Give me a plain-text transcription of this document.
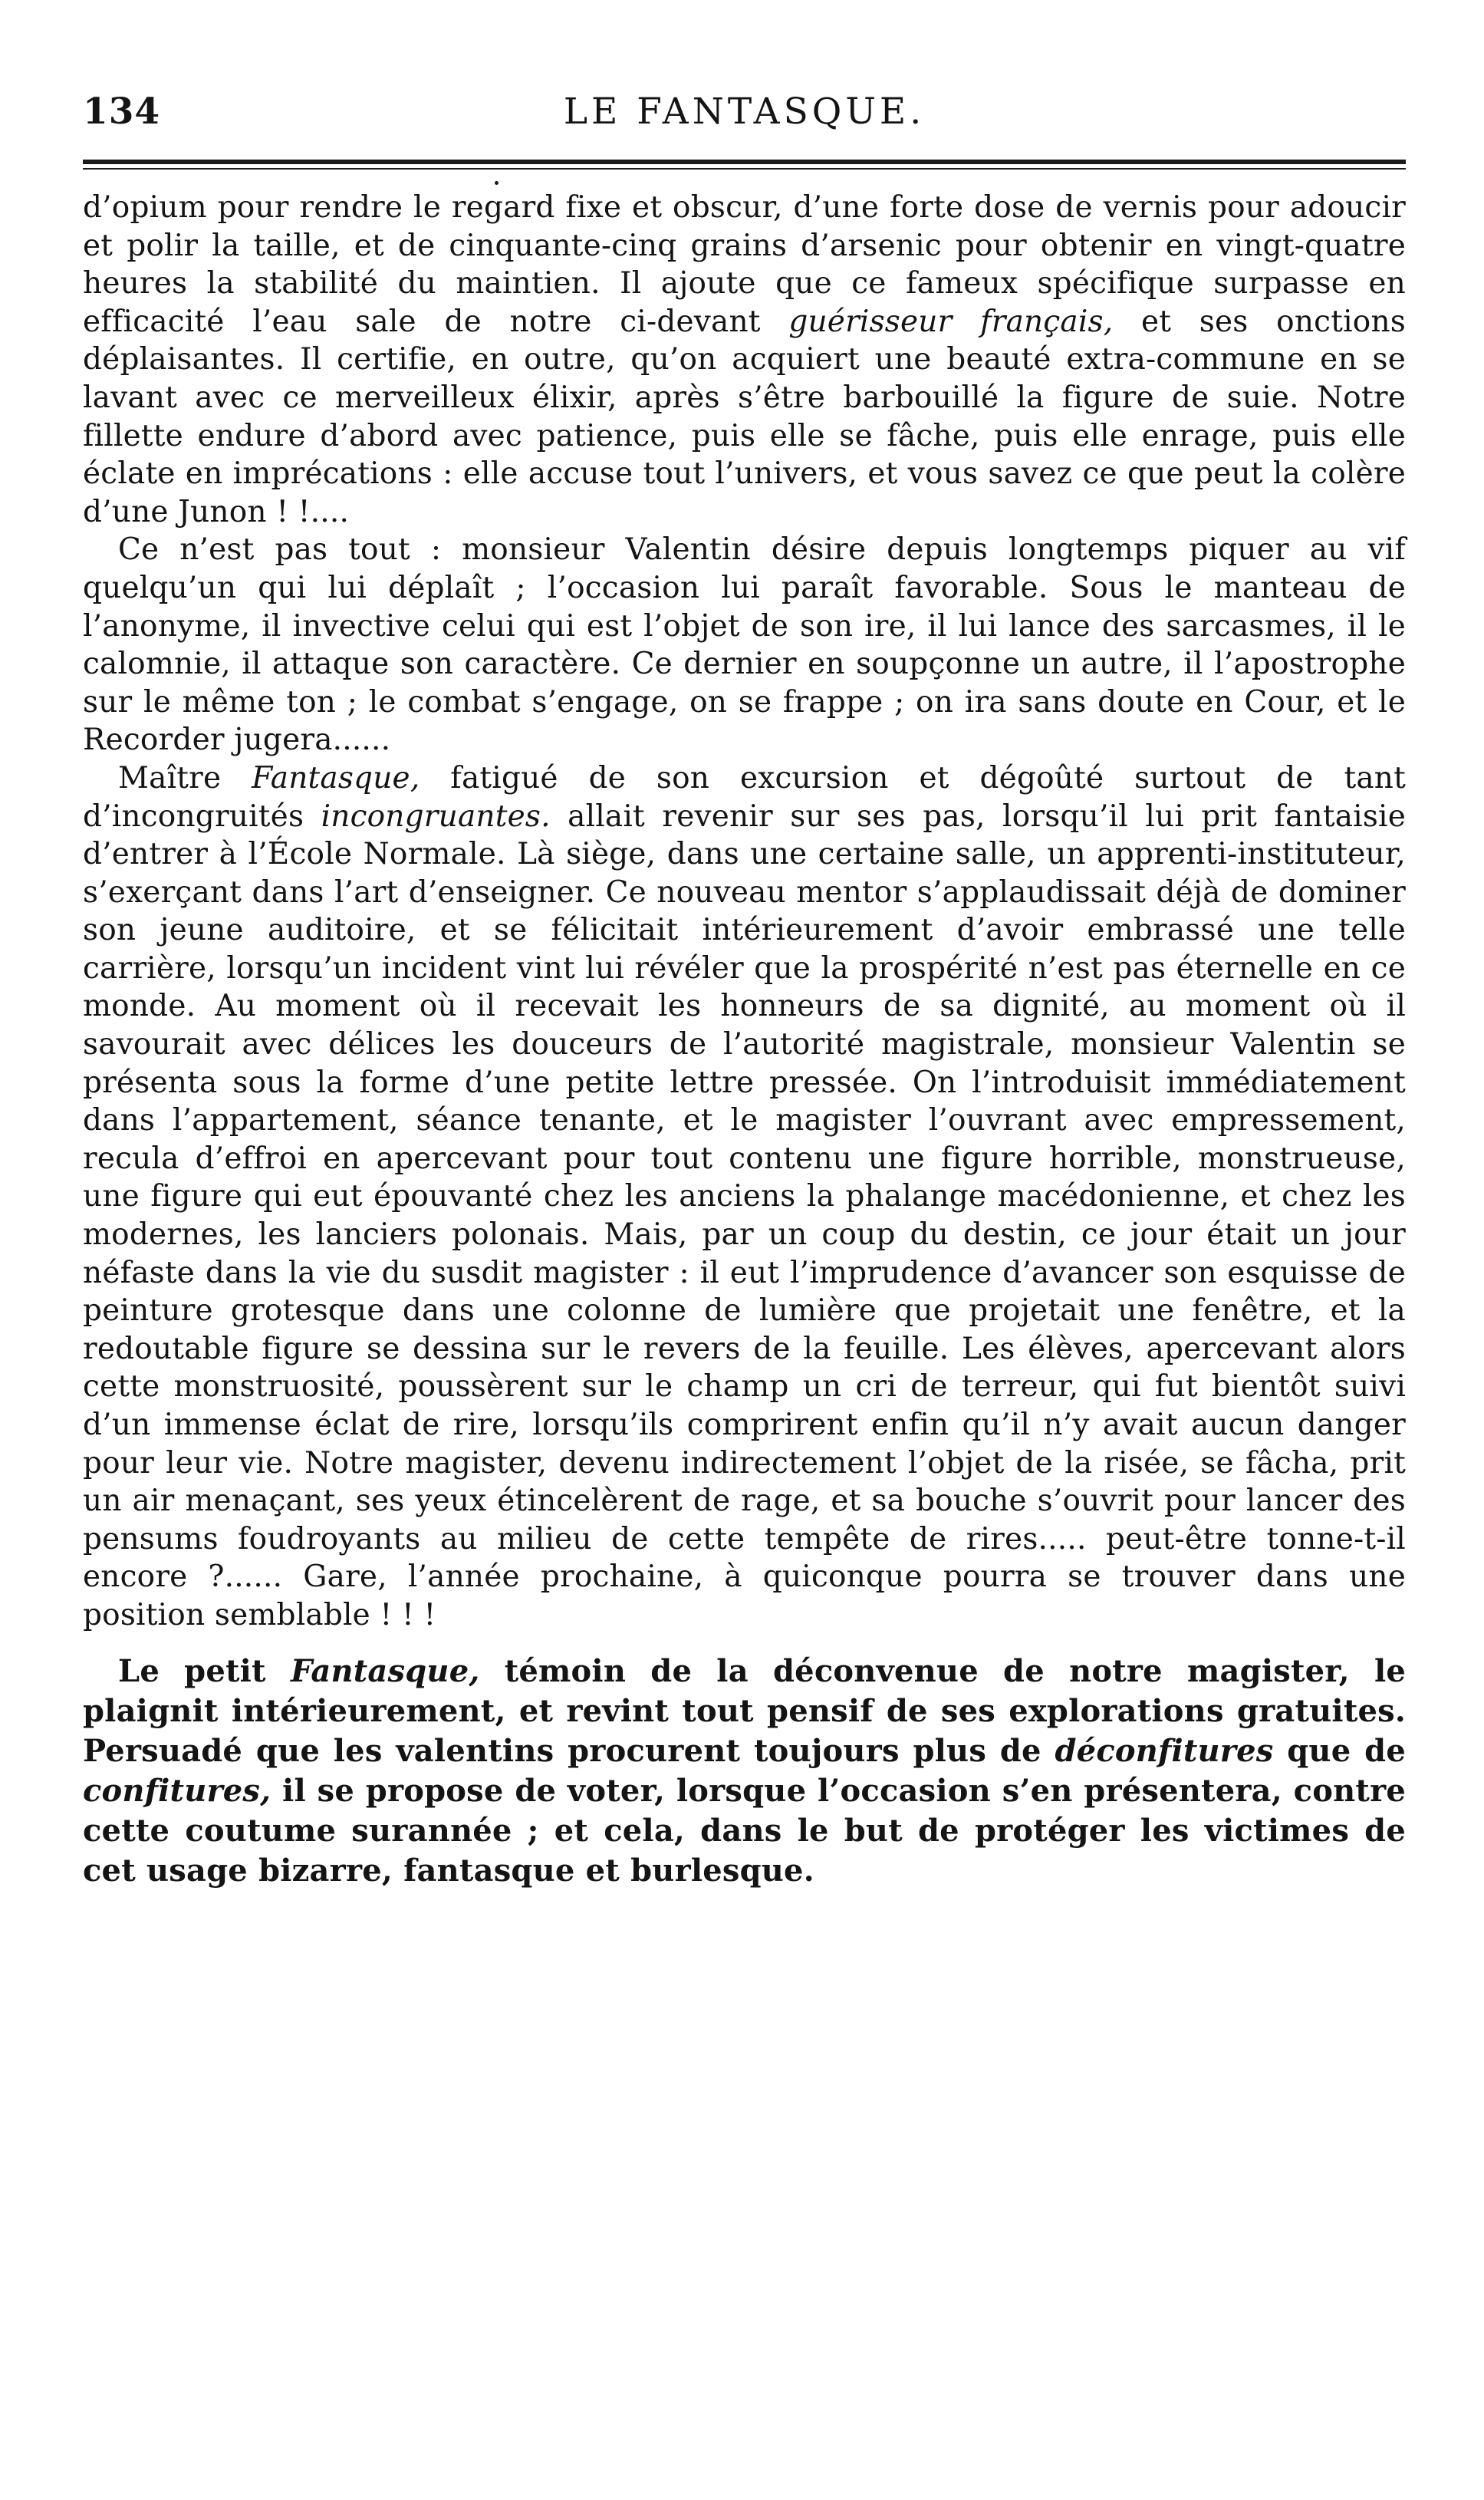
134	LE FANTASQUE.

d’opium pour rendre le regard fixe et obscur, d’une forte dose de vernis pour adoucir et polir la taille, et de cinquante-cinq grains d’arsenic pour obtenir en vingt-quatre heures la stabilité du maintien. Il ajoute que ce fameux spécifique surpasse en efficacité l’eau sale de notre ci-devant guérisseur français, et ses onctions déplaisantes. Il certifie, en outre, qu’on acquiert une beauté extra-commune en se lavant avec ce merveilleux élixir, après s’être barbouillé la figure de suie. Notre fillette endure d’abord avec patience, puis elle se fâche, puis elle enrage, puis elle éclate en imprécations : elle accuse tout l’univers, et vous savez ce que peut la colère d’une Junon ! !....

Ce n’est pas tout : monsieur Valentin désire depuis longtemps piquer au vif quelqu’un qui lui déplaît ; l’occasion lui paraît favorable. Sous le manteau de l’anonyme, il invective celui qui est l’objet de son ire, il lui lance des sarcasmes, il le calomnie, il attaque son caractère. Ce dernier en soupçonne un autre, il l’apostrophe sur le même ton ; le combat s’engage, on se frappe ; on ira sans doute en Cour, et le Recorder jugera......

Maître Fantasque, fatigué de son excursion et dégoûté surtout de tant d’incongruités incongruantes. allait revenir sur ses pas, lorsqu’il lui prit fantaisie d’entrer à l’École Normale. Là siège, dans une certaine salle, un apprenti-instituteur, s’exerçant dans l’art d’enseigner. Ce nouveau mentor s’applaudissait déjà de dominer son jeune auditoire, et se félicitait intérieurement d’avoir embrassé une telle carrière, lorsqu’un incident vint lui révéler que la prospérité n’est pas éternelle en ce monde. Au moment où il recevait les honneurs de sa dignité, au moment où il savourait avec délices les douceurs de l’autorité magistrale, monsieur Valentin se présenta sous la forme d’une petite lettre pressée. On l’introduisit immédiatement dans l’appartement, séance tenante, et le magister l’ouvrant avec empressement, recula d’effroi en apercevant pour tout contenu une figure horrible, monstrueuse, une figure qui eut épouvanté chez les anciens la phalange macédonienne, et chez les modernes, les lanciers polonais. Mais, par un coup du destin, ce jour était un jour néfaste dans la vie du susdit magister : il eut l’imprudence d’avancer son esquisse de peinture grotesque dans une colonne de lumière que projetait une fenêtre, et la redoutable figure se dessina sur le revers de la feuille. Les élèves, apercevant alors cette monstruosité, poussèrent sur le champ un cri de terreur, qui fut bientôt suivi d’un immense éclat de rire, lorsqu’ils comprirent enfin qu’il n’y avait aucun danger pour leur vie. Notre magister, devenu indirectement l’objet de la risée, se fâcha, prit un air menaçant, ses yeux étincelèrent de rage, et sa bouche s’ouvrit pour lancer des pensums foudroyants au milieu de cette tempête de rires..... peut-être tonne-t-il encore ?...... Gare, l’année prochaine, à quiconque pourra se trouver dans une position semblable ! ! !

Le petit Fantasque, témoin de la déconvenue de notre magister, le plaignit intérieurement, et revint tout pensif de ses explorations gratuites. Persuadé que les valentins procurent toujours plus de déconfitures que de confitures, il se propose de voter, lorsque l’occasion s’en présentera, contre cette coutume surannée ; et cela, dans le but de protéger les victimes de cet usage bizarre, fantasque et burlesque.
